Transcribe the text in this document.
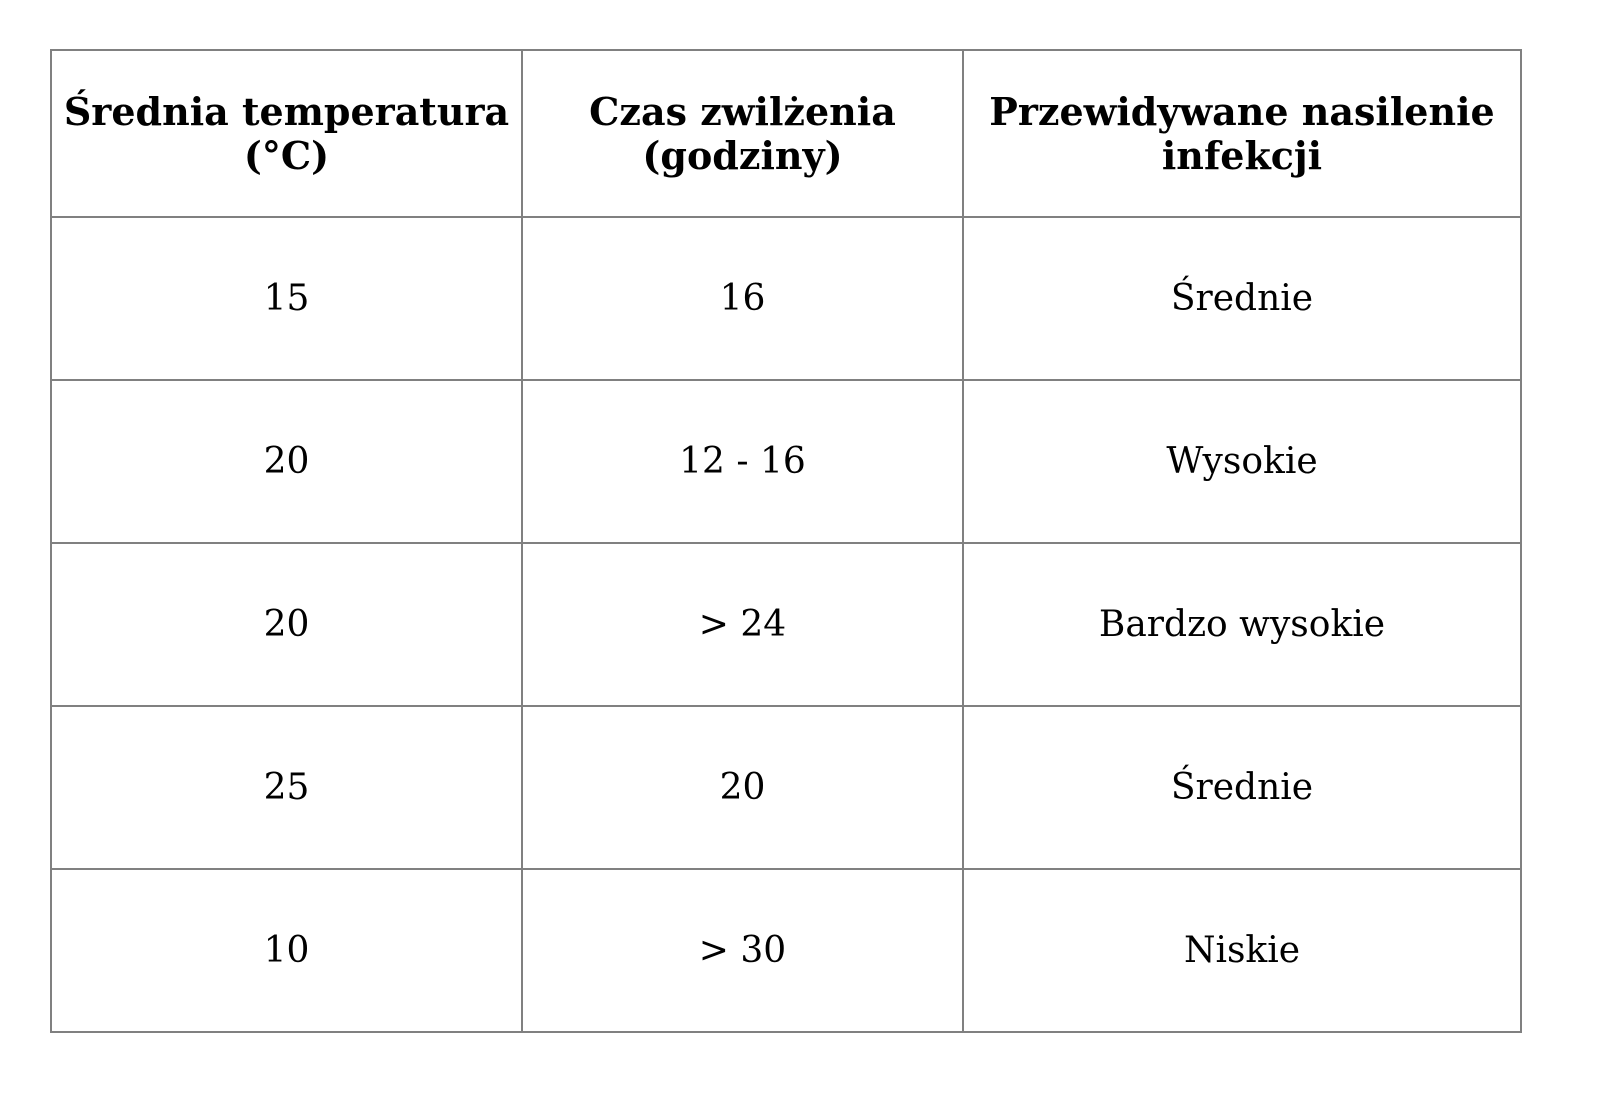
Średnia temperatura (°C)	Czas zwilżenia (godziny)	Przewidywane nasilenie infekcji
15	16	Średnie
20	12 - 16	Wysokie
20	> 24	Bardzo wysokie
25	20	Średnie
10	> 30	Niskie
